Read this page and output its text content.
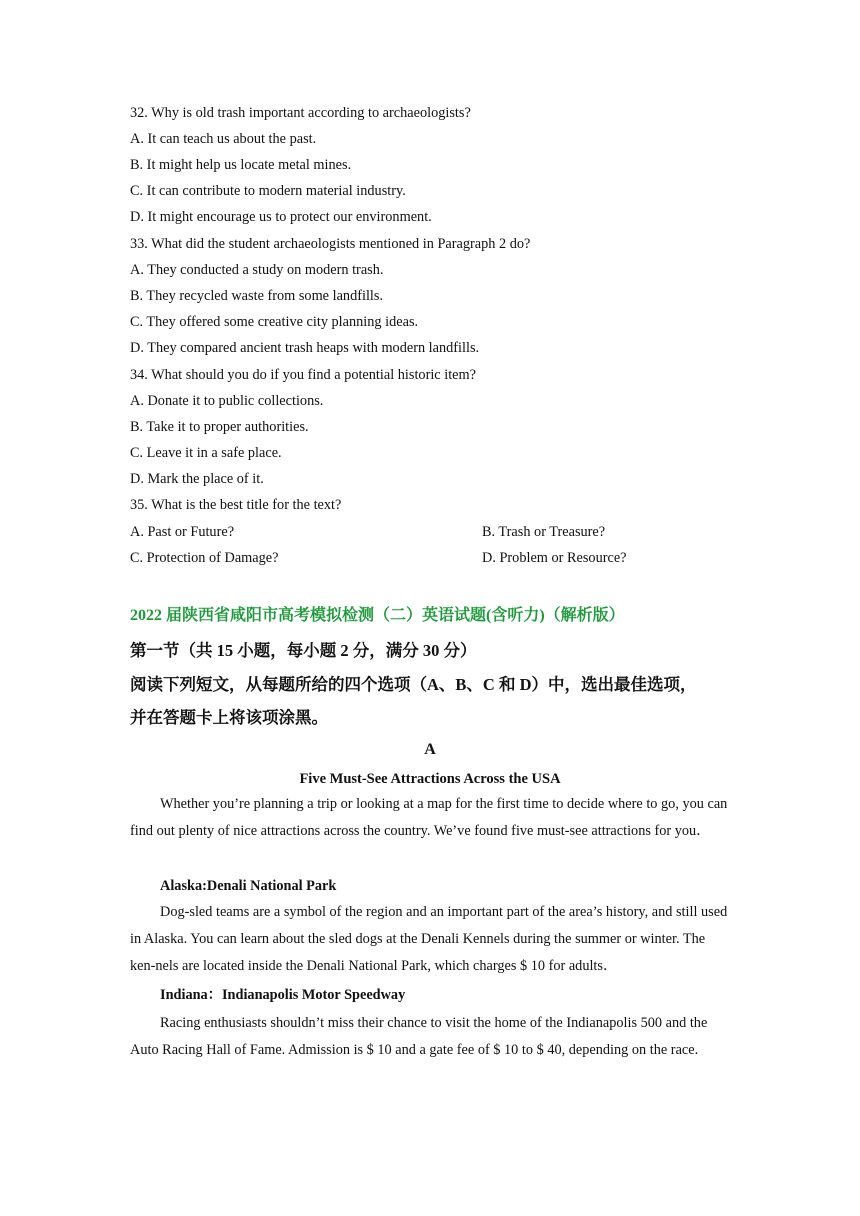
32. Why is old trash important according to archaeologists?
A. It can teach us about the past.
B. It might help us locate metal mines.
C. It can contribute to modern material industry.
D. It might encourage us to protect our environment.
33. What did the student archaeologists mentioned in Paragraph 2 do?
A. They conducted a study on modern trash.
B. They recycled waste from some landfills.
C. They offered some creative city planning ideas.
D. They compared ancient trash heaps with modern landfills.
34. What should you do if you find a potential historic item?
A. Donate it to public collections.
B. Take it to proper authorities.
C. Leave it in a safe place.
D. Mark the place of it.
35. What is the best title for the text?
A. Past or Future?	B. Trash or Treasure?
C. Protection of Damage?	D. Problem or Resource?
2022 届陕西省咸阳市高考模拟检测（二）英语试题(含听力)（解析版）
第一节（共 15 小题，每小题 2 分，满分 30 分）
阅读下列短文，从每题所给的四个选项（A、B、C 和 D）中，选出最佳选项，
并在答题卡上将该项涂黑。
A
Five Must-See Attractions Across the USA
Whether you’re planning a trip or looking at a map for the first time to decide where to go, you can find out plenty of nice attractions across the country. We’ve found five must-see attractions for you．
Alaska:Denali National Park
Dog-sled teams are a symbol of the region and an important part of the area’s history, and still used in Alaska. You can learn about the sled dogs at the Denali Kennels during the summer or winter. The ken-nels are located inside the Denali National Park, which charges $ 10 for adults．
Indiana：Indianapolis Motor Speedway
Racing enthusiasts shouldn’t miss their chance to visit the home of the Indianapolis 500 and the Auto Racing Hall of Fame. Admission is $ 10 and a gate fee of $ 10 to $ 40, depending on the race.
